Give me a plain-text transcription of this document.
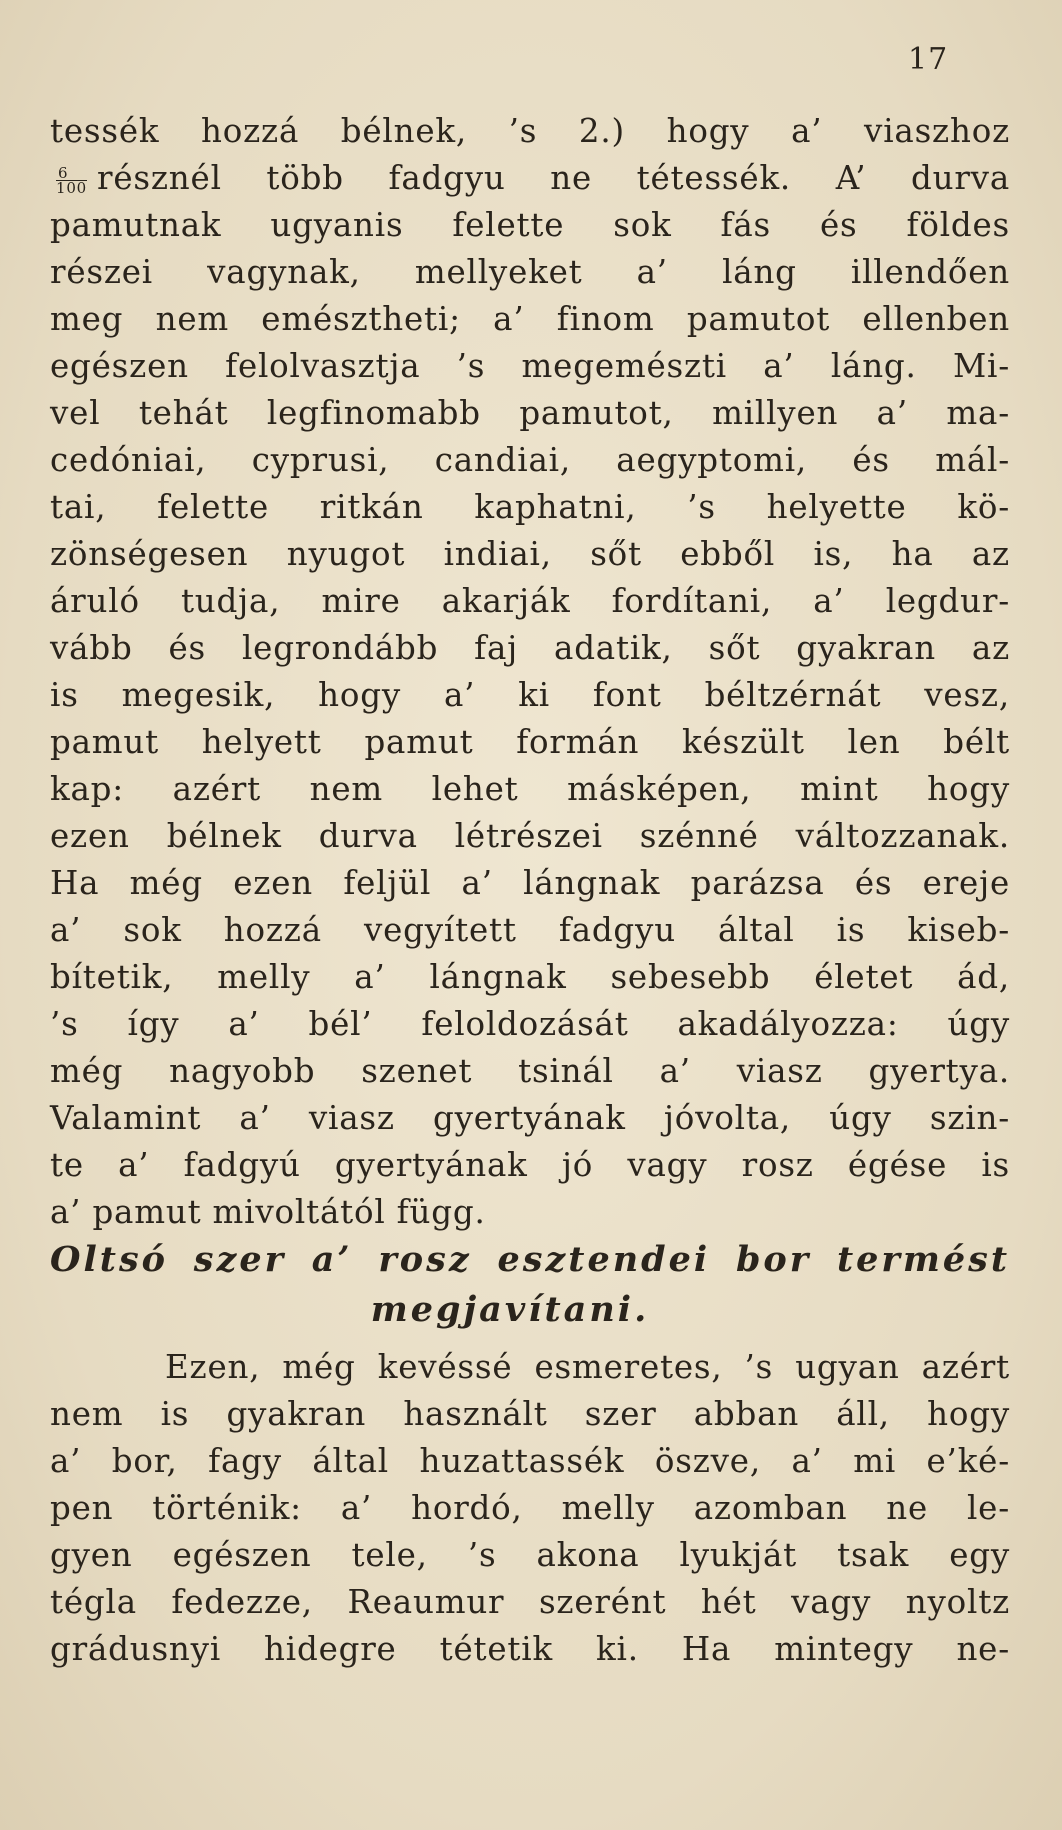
17
tessék hozzá bélnek, ’s 2.) hogy a’ viaszhoz
$\frac{6}{100}$ résznél több fadgyu ne tétessék. A’ durva
pamutnak ugyanis felette sok fás és földes
részei vagynak, mellyeket a’ láng illendően
meg nem emésztheti; a’ finom pamutot ellenben
egészen felolvasztja ’s megemészti a’ láng. Mi-
vel tehát legfinomabb pamutot, millyen a’ ma-
cedóniai, cyprusi, candiai, aegyptomi, és mál-
tai, felette ritkán kaphatni, ’s helyette kö-
zönségesen nyugot indiai, sőt ebből is, ha az
áruló tudja, mire akarják fordítani, a’ legdur-
vább és legrondább faj adatik, sőt gyakran az
is megesik, hogy a’ ki font béltzérnát vesz,
pamut helyett pamut formán készült len bélt
kap: azért nem lehet másképen, mint hogy
ezen bélnek durva létrészei szénné változzanak.
Ha még ezen feljül a’ lángnak parázsa és ereje
a’ sok hozzá vegyített fadgyu által is kiseb-
bítetik, melly a’ lángnak sebesebb életet ád,
’s így a’ bél’ feloldozását akadályozza: úgy
még nagyobb szenet tsinál a’ viasz gyertya.
Valamint a’ viasz gyertyának jóvolta, úgy szin-
te a’ fadgyú gyertyának jó vagy rosz égése is
a’ pamut mivoltától függ.
Oltsó szer a’ rosz esztendei bor termést
megjavítani.
Ezen, még kevéssé esmeretes, ’s ugyan azért
nem is gyakran használt szer abban áll, hogy
a’ bor, fagy által huzattassék öszve, a’ mi e’ké-
pen történik: a’ hordó, melly azomban ne le-
gyen egészen tele, ’s akona lyukját tsak egy
tégla fedezze, Reaumur szerént hét vagy nyoltz
grádusnyi hidegre tétetik ki. Ha mintegy ne-
